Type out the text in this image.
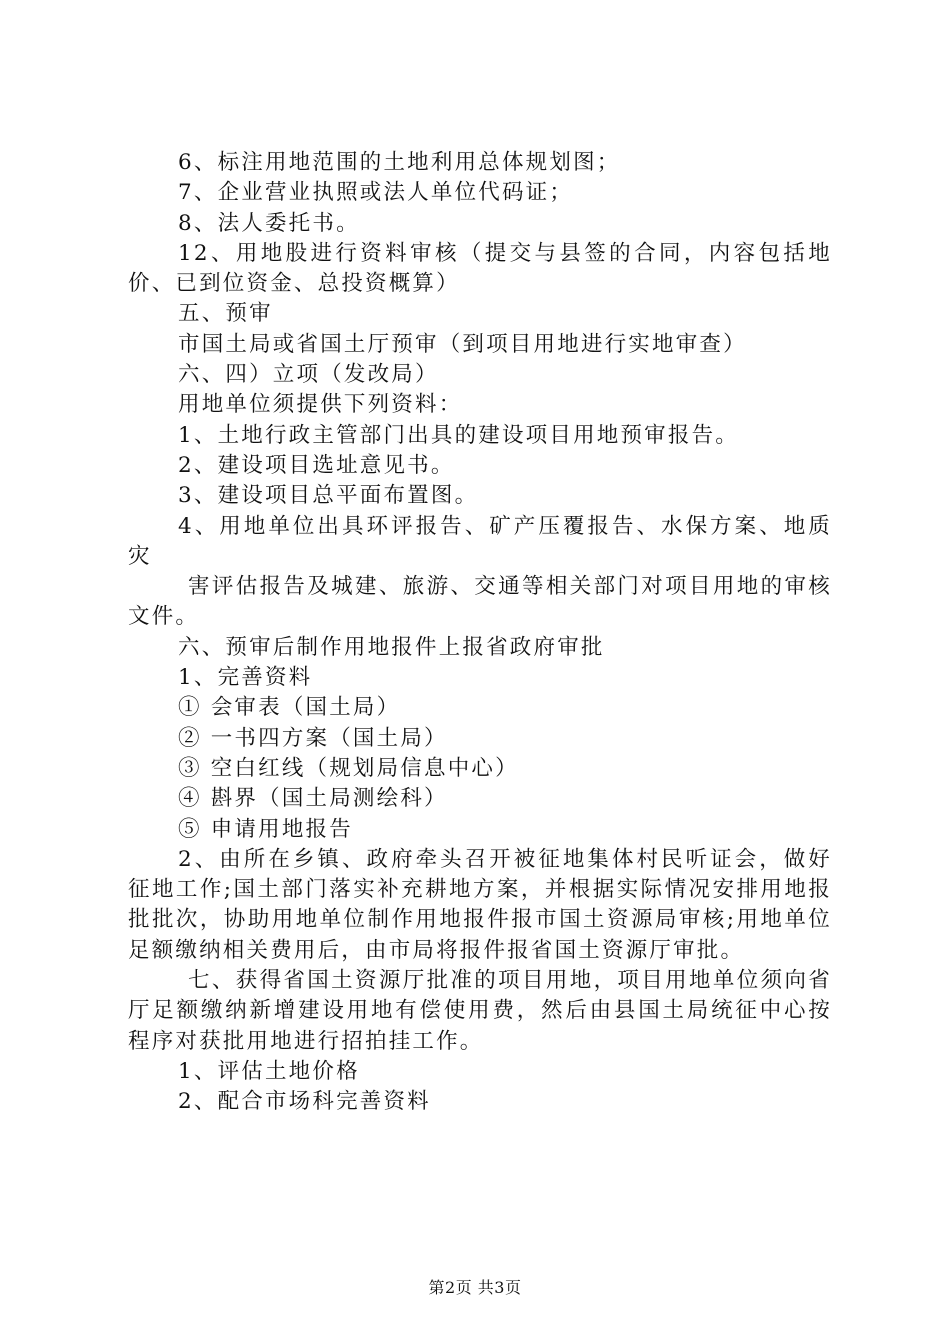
6、标注用地范围的土地利用总体规划图；

7、企业营业执照或法人单位代码证；

8、法人委托书。

12、用地股进行资料审核（提交与县签的合同，内容包括地价、已到位资金、总投资概算）

五、预审

市国土局或省国土厅预审（到项目用地进行实地审查）

六、四）立项（发改局）

用地单位须提供下列资料：

1、土地行政主管部门出具的建设项目用地预审报告。

2、建设项目选址意见书。

3、建设项目总平面布置图。

4、用地单位出具环评报告、矿产压覆报告、水保方案、地质灾

害评估报告及城建、旅游、交通等相关部门对项目用地的审核文件。

六、预审后制作用地报件上报省政府审批

1、完善资料

① 会审表（国土局）

② 一书四方案（国土局）

③ 空白红线（规划局信息中心）

④ 斟界（国土局测绘科）

⑤ 申请用地报告

2、由所在乡镇、政府牵头召开被征地集体村民听证会，做好征地工作;国土部门落实补充耕地方案，并根据实际情况安排用地报批批次，协助用地单位制作用地报件报市国土资源局审核;用地单位足额缴纳相关费用后，由市局将报件报省国土资源厅审批。

七、获得省国土资源厅批准的项目用地，项目用地单位须向省厅足额缴纳新增建设用地有偿使用费，然后由县国土局统征中心按程序对获批用地进行招拍挂工作。

1、评估土地价格

2、配合市场科完善资料

第2页 共3页
